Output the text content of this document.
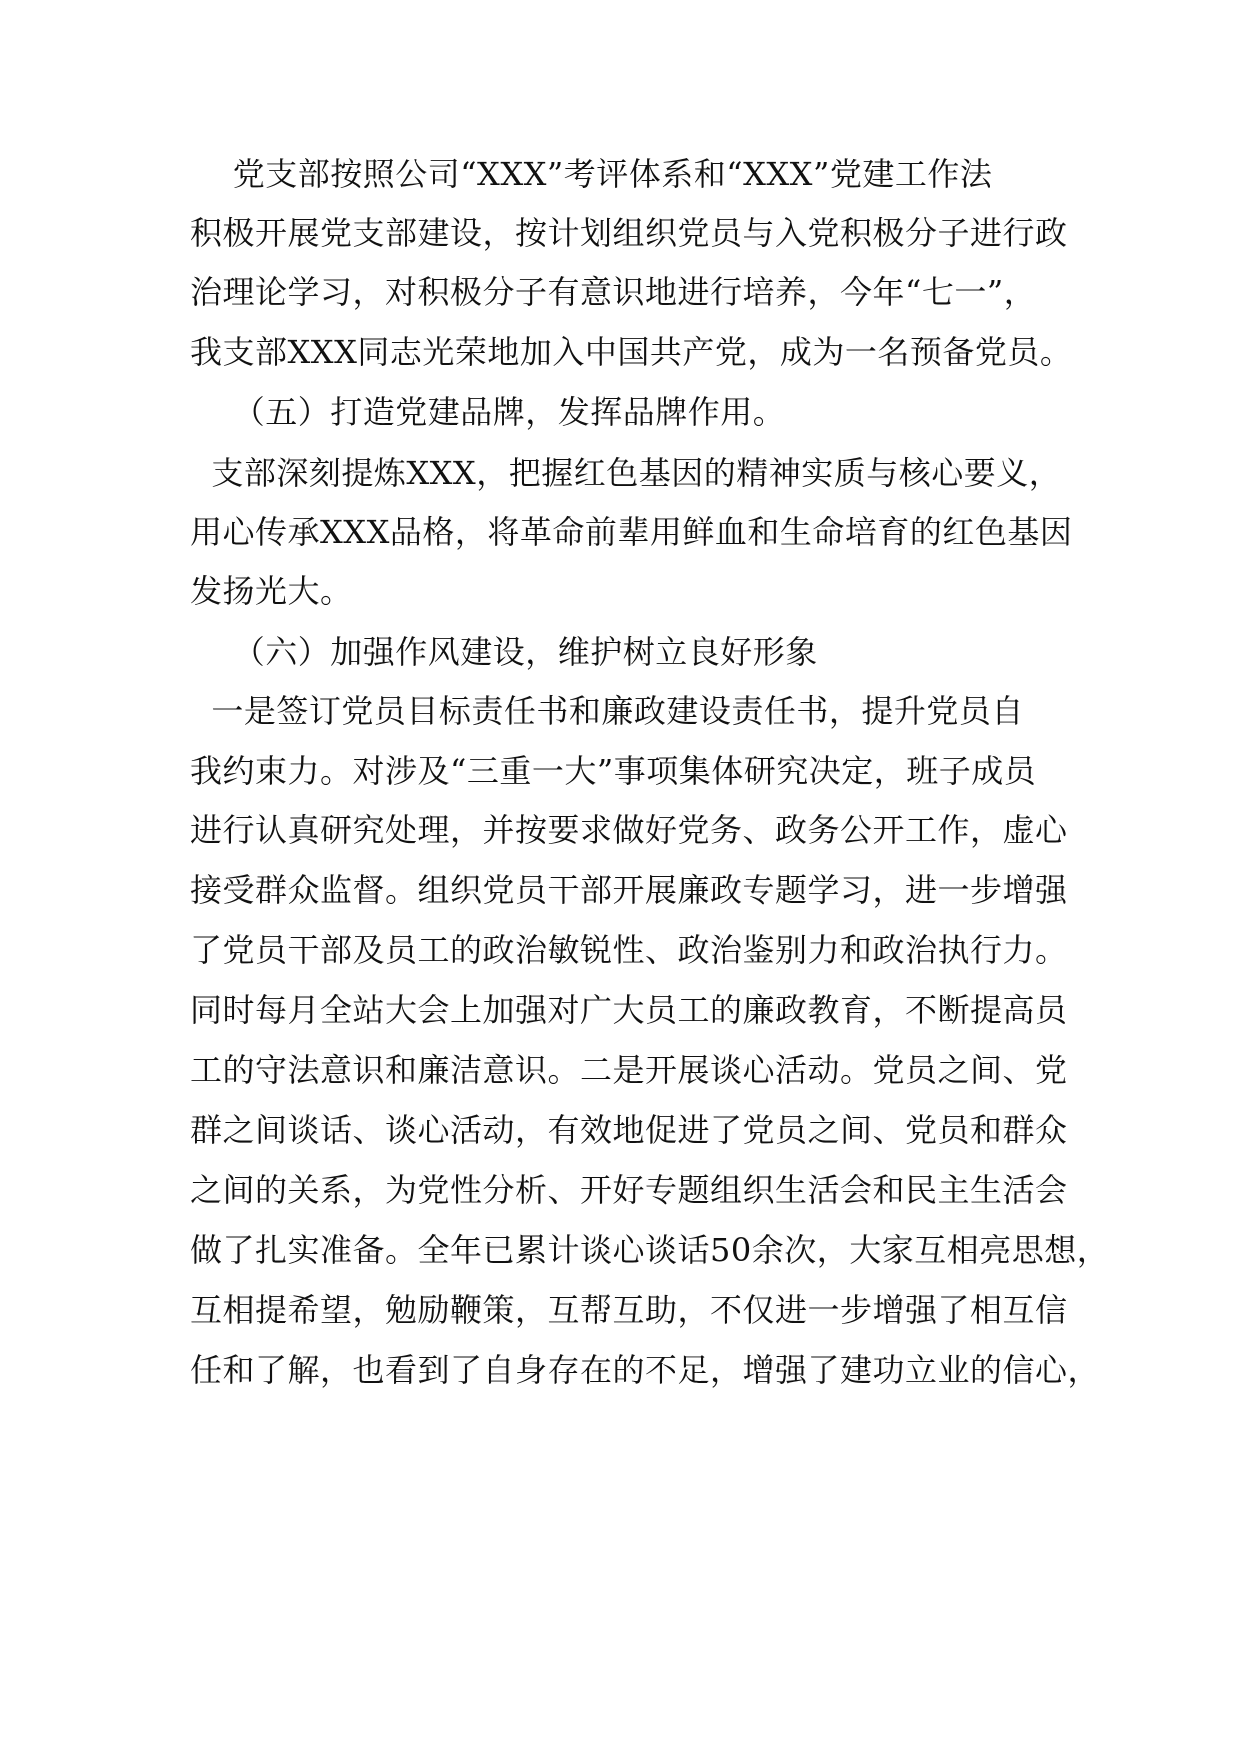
党支部按照公司“XXX”考评体系和“XXX”党建工作法
积极开展党支部建设，按计划组织党员与入党积极分子进行政
治理论学习，对积极分子有意识地进行培养，今年“七一”，
我支部XXX同志光荣地加入中国共产党，成为一名预备党员。
（五）打造党建品牌，发挥品牌作用。
支部深刻提炼XXX，把握红色基因的精神实质与核心要义，
用心传承XXX品格，将革命前辈用鲜血和生命培育的红色基因
发扬光大。
（六）加强作风建设，维护树立良好形象
一是签订党员目标责任书和廉政建设责任书，提升党员自
我约束力。对涉及“三重一大”事项集体研究决定，班子成员
进行认真研究处理，并按要求做好党务、政务公开工作，虚心
接受群众监督。组织党员干部开展廉政专题学习，进一步增强
了党员干部及员工的政治敏锐性、政治鉴别力和政治执行力。
同时每月全站大会上加强对广大员工的廉政教育，不断提高员
工的守法意识和廉洁意识。二是开展谈心活动。党员之间、党
群之间谈话、谈心活动，有效地促进了党员之间、党员和群众
之间的关系，为党性分析、开好专题组织生活会和民主生活会
做了扎实准备。全年已累计谈心谈话50余次，大家互相亮思想，
互相提希望，勉励鞭策，互帮互助，不仅进一步增强了相互信
任和了解，也看到了自身存在的不足，增强了建功立业的信心，
